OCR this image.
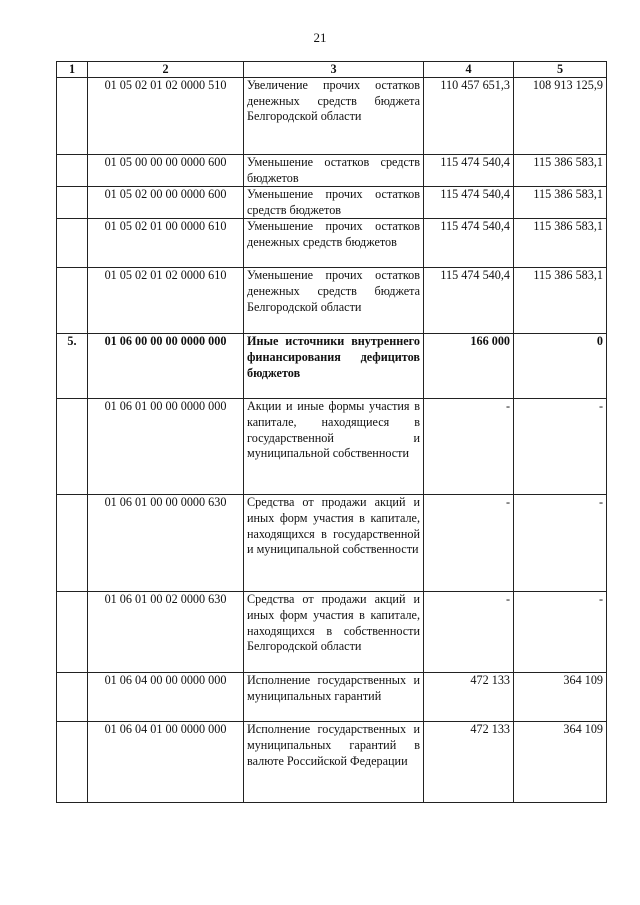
21
1	2	3	4	5
	01 05 02 01 02 0000 510	Увеличение прочих остатков денежных средств бюджета Белгородской области	110 457 651,3	108 913 125,9
	01 05 00 00 00 0000 600	Уменьшение остатков средств бюджетов	115 474 540,4	115 386 583,1
	01 05 02 00 00 0000 600	Уменьшение прочих остатков средств бюджетов	115 474 540,4	115 386 583,1
	01 05 02 01 00 0000 610	Уменьшение прочих остатков денежных средств бюджетов	115 474 540,4	115 386 583,1
	01 05 02 01 02 0000 610	Уменьшение прочих остатков денежных средств бюджета Белгородской области	115 474 540,4	115 386 583,1
5.	01 06 00 00 00 0000 000	Иные источники внутреннего финансирования дефицитов бюджетов	166 000	0
	01 06 01 00 00 0000 000	Акции и иные формы участия в капитале, находящиеся в государственной и муниципальной собственности	-	-
	01 06 01 00 00 0000 630	Средства от продажи акций и иных форм участия в капитале, находящихся в государственной и муниципальной собственности	-	-
	01 06 01 00 02 0000 630	Средства от продажи акций и иных форм участия в капитале, находящихся в собственности Белгородской области	-	-
	01 06 04 00 00 0000 000	Исполнение государственных и муниципальных гарантий	472 133	364 109
	01 06 04 01 00 0000 000	Исполнение государственных и муниципальных гарантий в валюте Российской Федерации	472 133	364 109
